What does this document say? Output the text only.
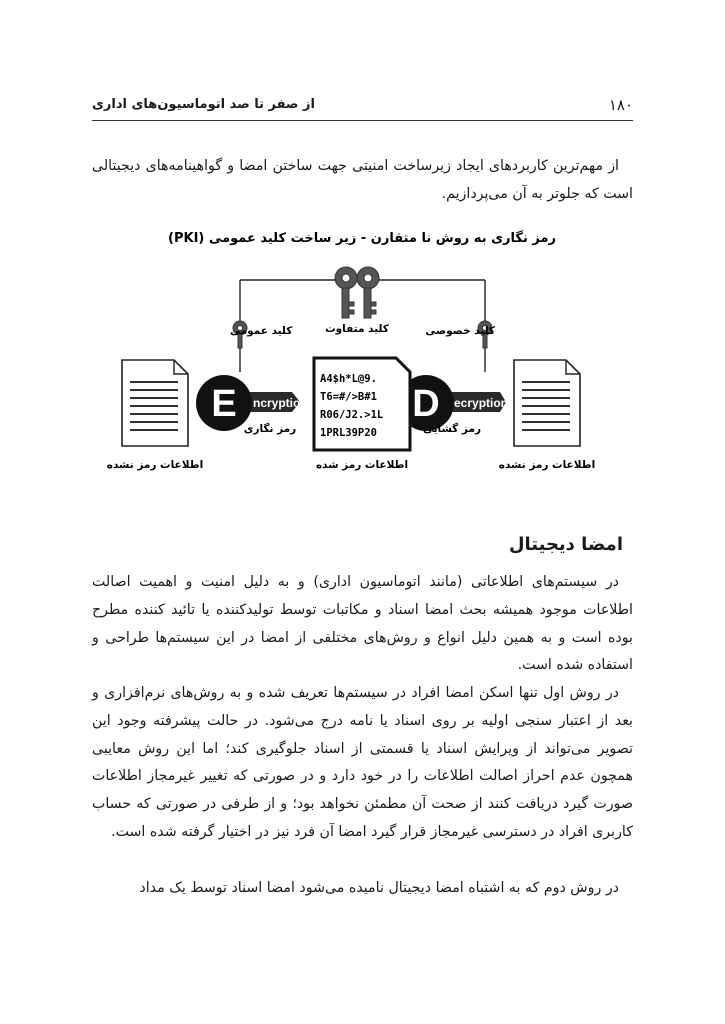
۱۸۰
از صفر تا صد اتوماسیون‌های اداری

از مهم‌ترین کاربردهای ایجاد زیرساخت امنیتی جهت ساختن امضا و گواهینامه‌های دیجیتالی است که جلوتر به آن می‌پردازیم.

رمز نگاری به روش نا متقارن - زیر ساخت کلید عمومی (PKI)
کلید متفاوت
کلید عمومی	کلید خصوصی
اطلاعات رمز نشده	اطلاعات رمز نشده
E ncryption
رمز نگاری
D ecryption
رمز گشایی
A4$h*L@9.
T6=#/>B#1
R06/J2.>1L
1PRL39P20
اطلاعات رمز شده
امضا دیجیتال

در سیستم‌های اطلاعاتی (مانند اتوماسیون اداری) و به دلیل امنیت و اهمیت اصالت اطلاعات موجود همیشه بحث امضا اسناد و مکاتبات توسط تولیدکننده یا تائید کننده مطرح بوده است و به همین دلیل انواع و روش‌های مختلفی از امضا در این سیستم‌ها طراحی و استفاده شده است.

در روش اول تنها اسکن امضا افراد در سیستم‌ها تعریف شده و به روش‌های نرم‌افزاری و بعد از اعتبار سنجی اولیه بر روی اسناد یا نامه درج می‌شود. در حالت پیشرفته وجود این تصویر می‌تواند از ویرایش اسناد یا قسمتی از اسناد جلوگیری کند؛ اما این روش معایبی همچون عدم احراز اصالت اطلاعات را در خود دارد و در صورتی که تغییر غیرمجاز اطلاعات صورت گیرد دریافت کنند از صحت آن مطمئن نخواهد بود؛ و از طرفی در صورتی که حساب کاربری افراد در دسترسی غیرمجاز قرار گیرد امضا آن فرد نیز در اختیار گرفته شده است.

در روش دوم که به اشتباه امضا دیجیتال نامیده می‌شود امضا اسناد توسط یک مداد
